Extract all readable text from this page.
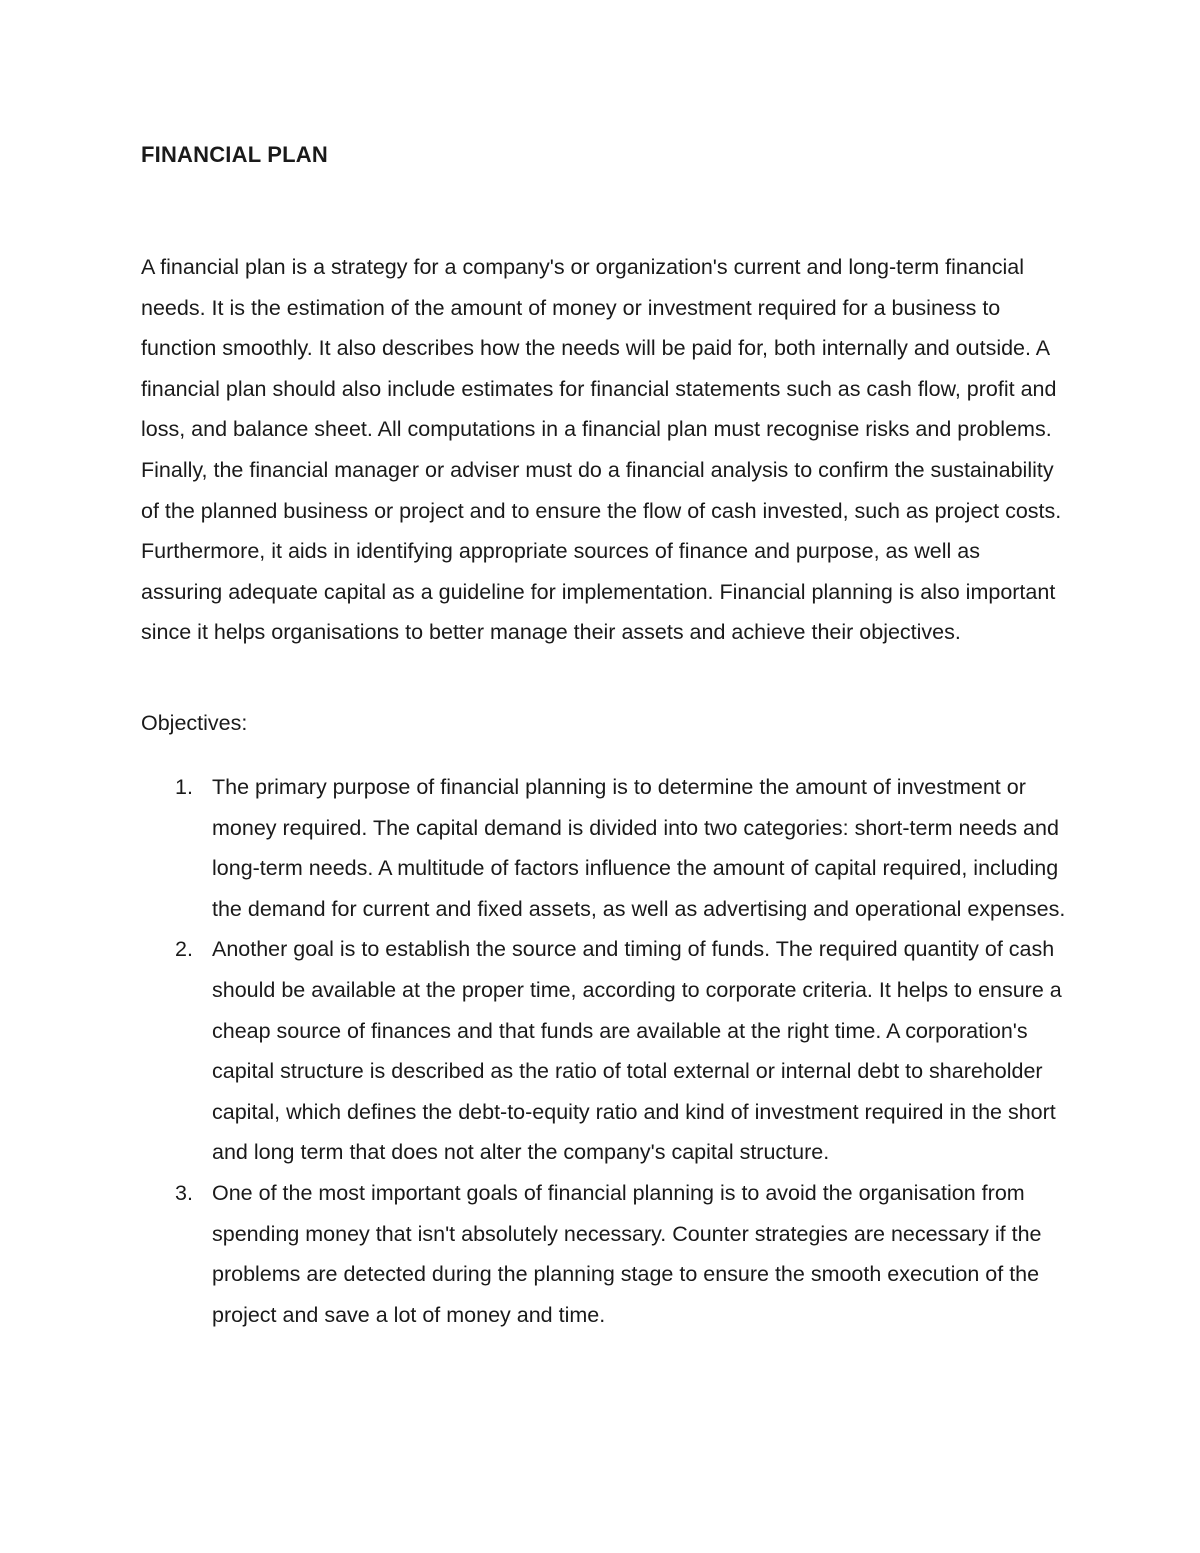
FINANCIAL PLAN

A financial plan is a strategy for a company's or organization's current and long-term financial needs. It is the estimation of the amount of money or investment required for a business to function smoothly. It also describes how the needs will be paid for, both internally and outside. A financial plan should also include estimates for financial statements such as cash flow, profit and loss, and balance sheet. All computations in a financial plan must recognise risks and problems. Finally, the financial manager or adviser must do a financial analysis to confirm the sustainability of the planned business or project and to ensure the flow of cash invested, such as project costs. Furthermore, it aids in identifying appropriate sources of finance and purpose, as well as assuring adequate capital as a guideline for implementation. Financial planning is also important since it helps organisations to better manage their assets and achieve their objectives.

Objectives:

1. The primary purpose of financial planning is to determine the amount of investment or money required. The capital demand is divided into two categories: short-term needs and long-term needs. A multitude of factors influence the amount of capital required, including the demand for current and fixed assets, as well as advertising and operational expenses.
2. Another goal is to establish the source and timing of funds. The required quantity of cash should be available at the proper time, according to corporate criteria. It helps to ensure a cheap source of finances and that funds are available at the right time. A corporation's capital structure is described as the ratio of total external or internal debt to shareholder capital, which defines the debt-to-equity ratio and kind of investment required in the short and long term that does not alter the company's capital structure.
3. One of the most important goals of financial planning is to avoid the organisation from spending money that isn't absolutely necessary. Counter strategies are necessary if the problems are detected during the planning stage to ensure the smooth execution of the project and save a lot of money and time.
